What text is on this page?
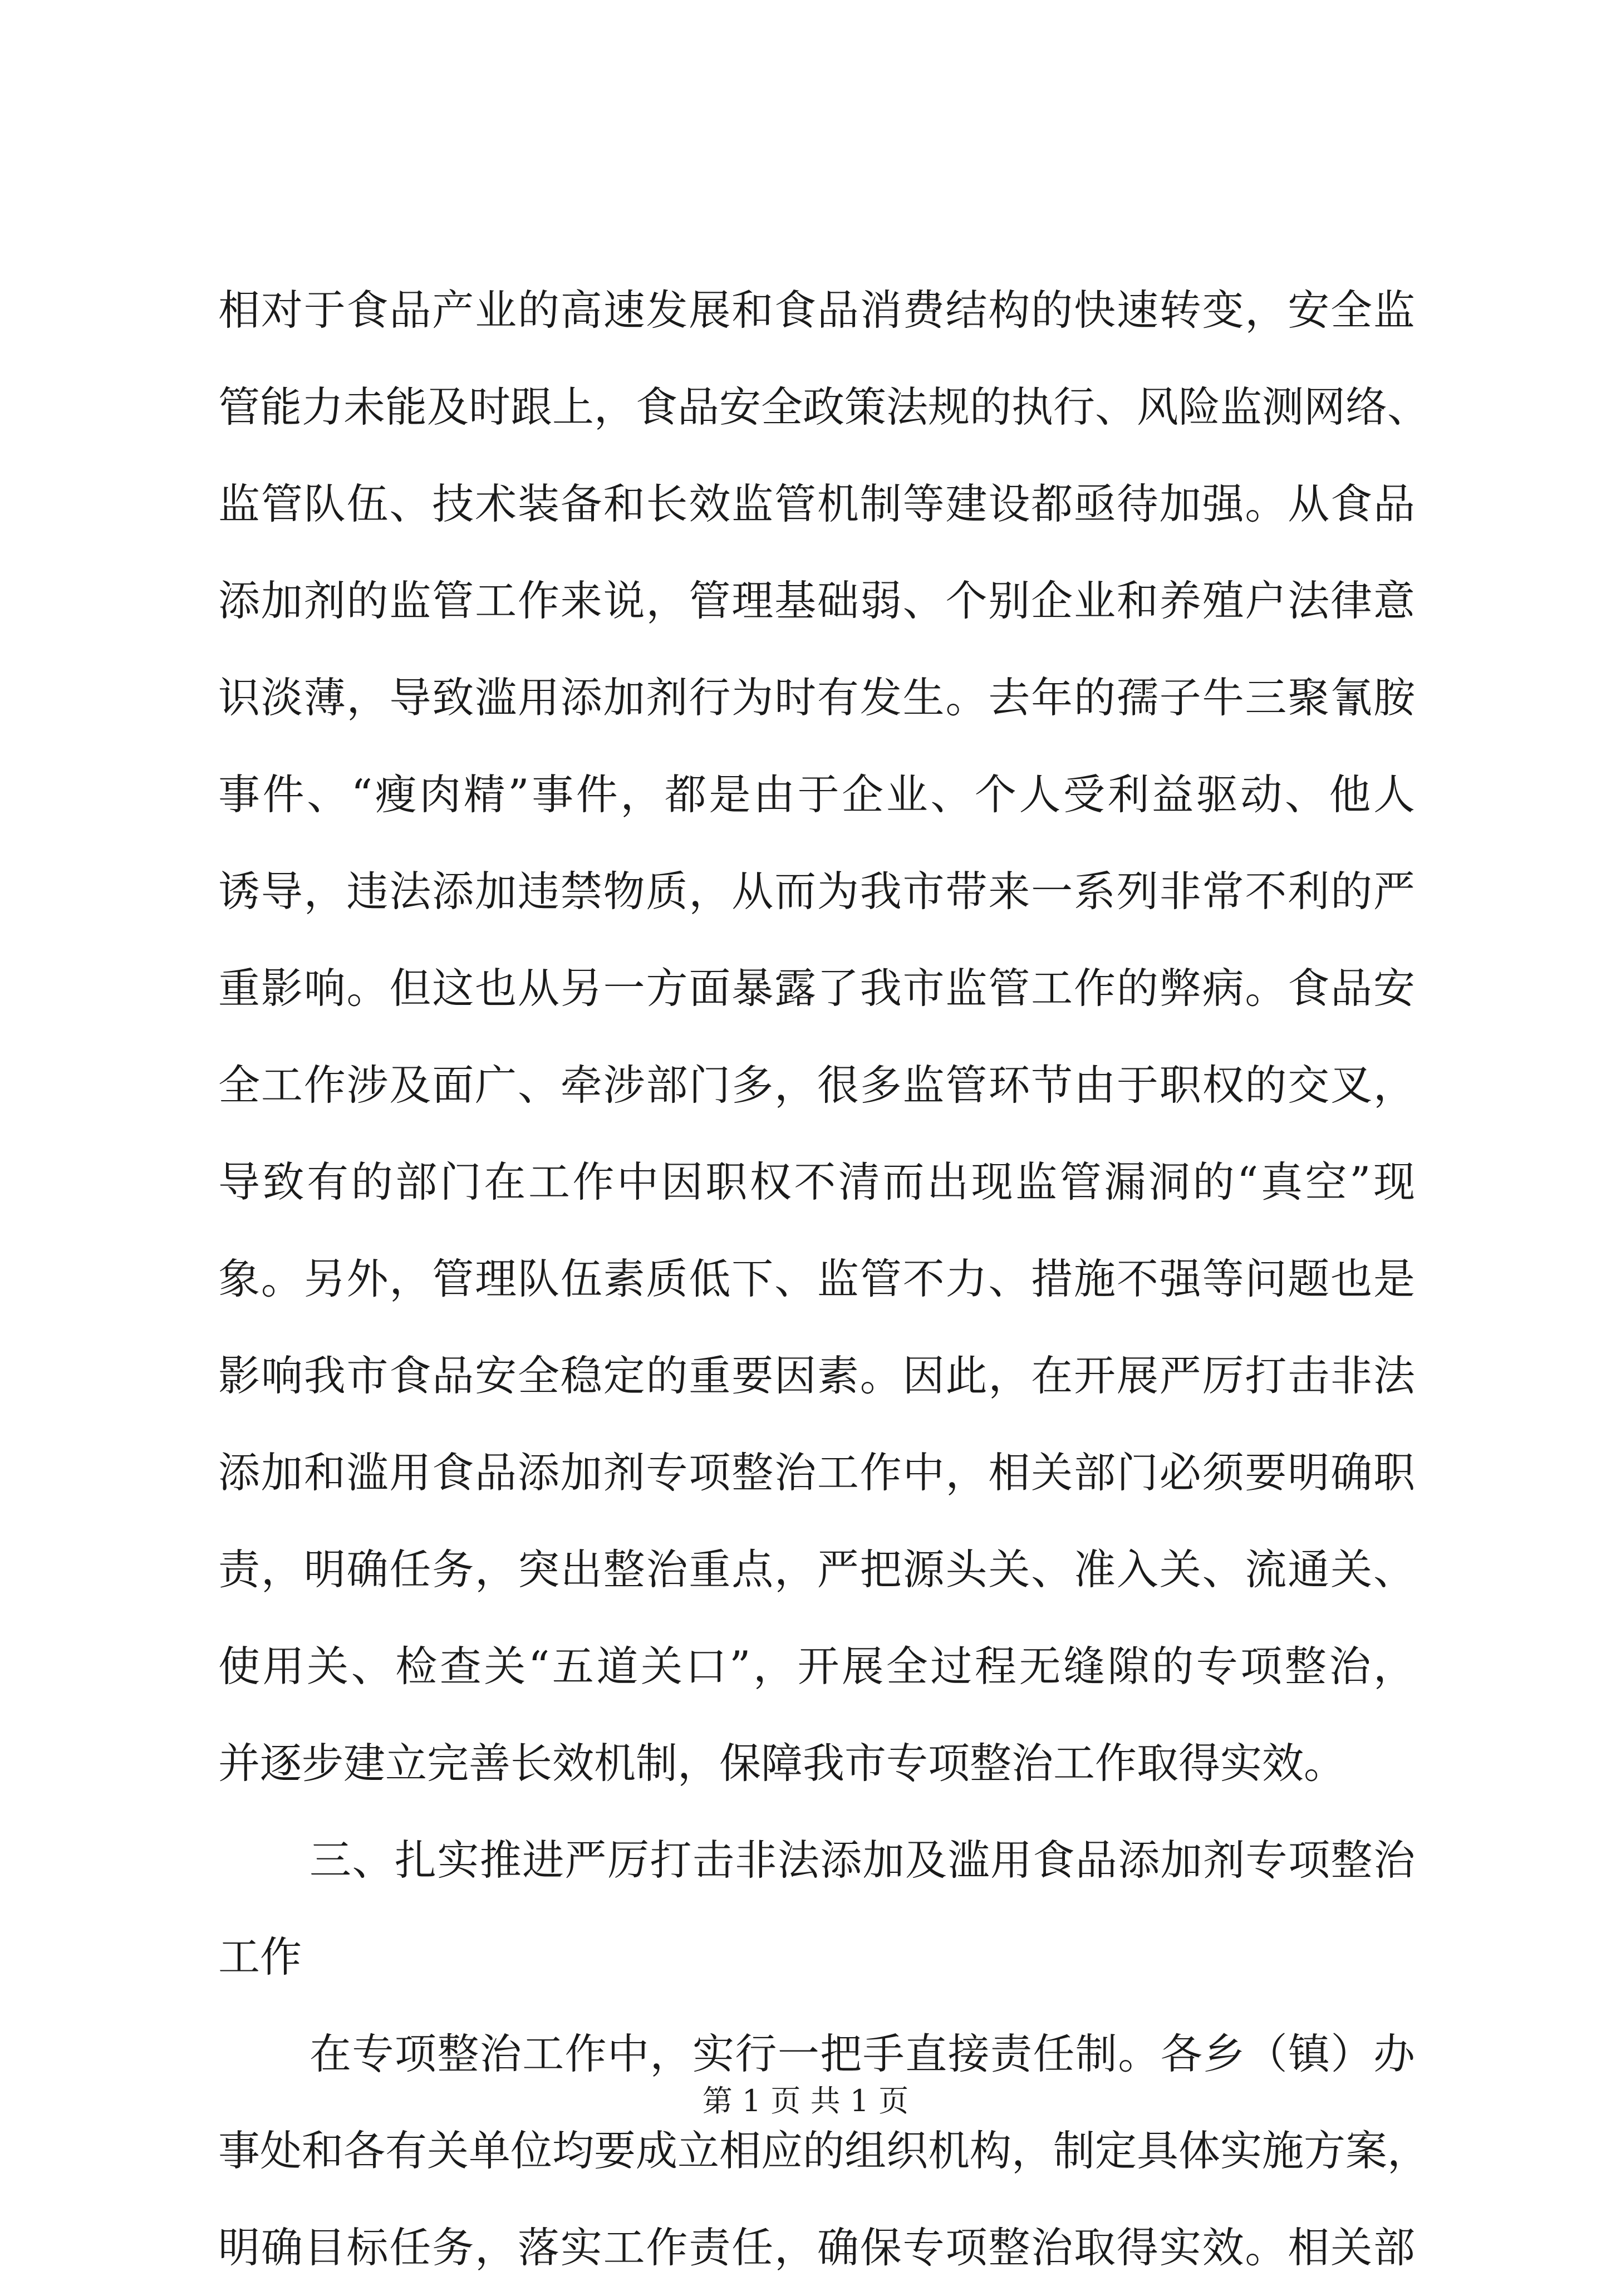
相对于食品产业的高速发展和食品消费结构的快速转变，安全监
管能力未能及时跟上，食品安全政策法规的执行、风险监测网络、
监管队伍、技术装备和长效监管机制等建设都亟待加强。从食品
添加剂的监管工作来说，管理基础弱、个别企业和养殖户法律意
识淡薄，导致滥用添加剂行为时有发生。去年的孺子牛三聚氰胺
事件、“瘦肉精”事件，都是由于企业、个人受利益驱动、他人
诱导，违法添加违禁物质，从而为我市带来一系列非常不利的严
重影响。但这也从另一方面暴露了我市监管工作的弊病。食品安
全工作涉及面广、牵涉部门多，很多监管环节由于职权的交叉，
导致有的部门在工作中因职权不清而出现监管漏洞的“真空”现
象。另外，管理队伍素质低下、监管不力、措施不强等问题也是
影响我市食品安全稳定的重要因素。因此，在开展严厉打击非法
添加和滥用食品添加剂专项整治工作中，相关部门必须要明确职
责，明确任务，突出整治重点，严把源头关、准入关、流通关、
使用关、检查关“五道关口”，开展全过程无缝隙的专项整治，
并逐步建立完善长效机制，保障我市专项整治工作取得实效。
三、扎实推进严厉打击非法添加及滥用食品添加剂专项整治
工作
在专项整治工作中，实行一把手直接责任制。各乡（镇）办
事处和各有关单位均要成立相应的组织机构，制定具体实施方案，
明确目标任务，落实工作责任，确保专项整治取得实效。相关部
第 1 页 共 1 页
